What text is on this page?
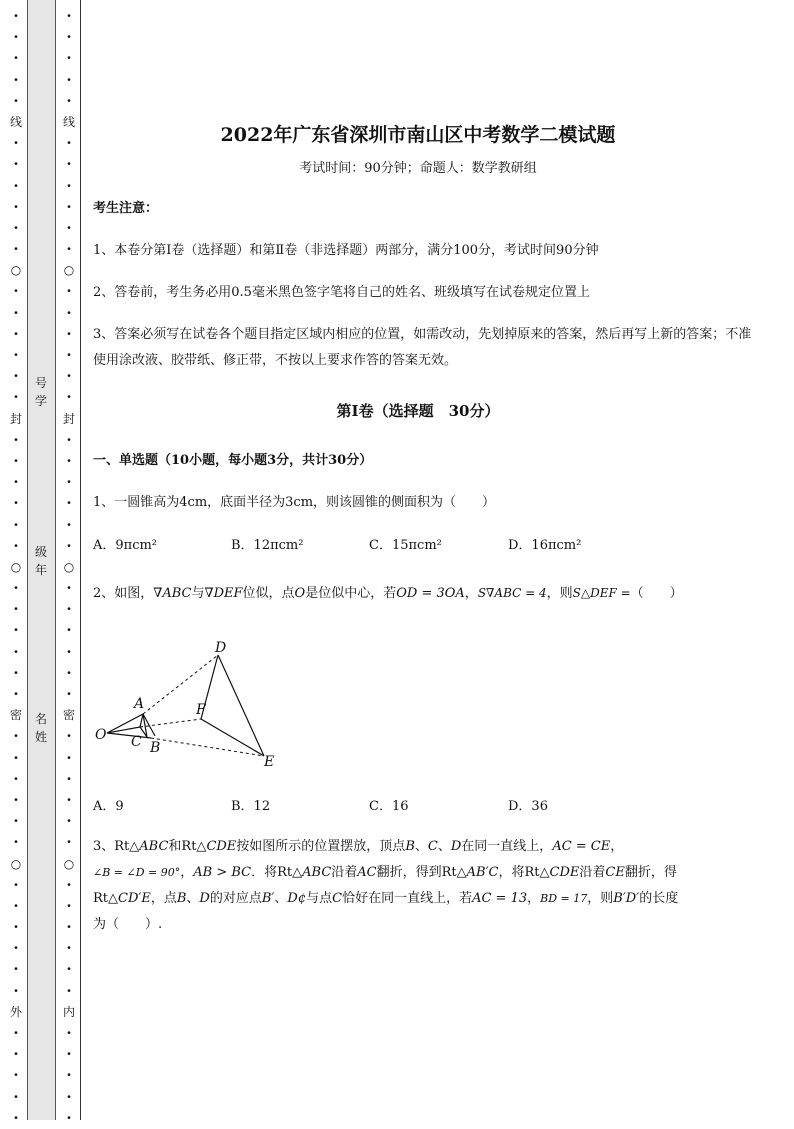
·
·
·
·
·
线
·
·
·
·
·
·
○
·
·
·
·
·
·
封
·
·
·
·
·
·
○
·
·
·
·
·
·
密
·
·
·
·
·
·
○
·
·
·
·
·
·
外
·
·
·
·
·
·
·
·
·
·
线
·
·
·
·
·
·
○
·
·
·
·
·
·
封
·
·
·
·
·
·
○
·
·
·
·
·
·
密
·
·
·
·
·
·
○
·
·
·
·
·
·
内
·
·
·
·
·
号学
级年
名姓
2022年广东省深圳市南山区中考数学二模试题
考试时间：90分钟；命题人：数学教研组
考生注意：
1、本卷分第Ⅰ卷（选择题）和第Ⅱ卷（非选择题）两部分，满分100分，考试时间90分钟
2、答卷前，考生务必用0.5毫米黑色签字笔将自己的姓名、班级填写在试卷规定位置上
3、答案必须写在试卷各个题目指定区域内相应的位置，如需改动，先划掉原来的答案，然后再写上新的答案；不准使用涂改液、胶带纸、修正带，不按以上要求作答的答案无效。
第Ⅰ卷（选择题　30分）
一、单选题（10小题，每小题3分，共计30分）
1、一圆锥高为4cm，底面半径为3cm，则该圆锥的侧面积为（　　）
A．9πcm²	B．12πcm²	C．15πcm²	D．16πcm²
2、如图，∇ABC与∇DEF位似，点O是位似中心，若OD = 3OA，S∇ABC = 4，则S△DEF =（　　）
D
A	F
O C B
E
A．9	B．12	C．16	D．36
3、Rt△ABC和Rt△CDE按如图所示的位置摆放，顶点B、C、D在同一直线上，AC = CE，
∠B = ∠D = 90°，AB > BC．将Rt△ABC沿着AC翻折，得到Rt△AB′C，将Rt△CDE沿着CE翻折，得
Rt△CD′E，点B、D的对应点B′、D¢与点C恰好在同一直线上，若AC = 13，BD = 17，则B′D′的长度
为（　　）.
